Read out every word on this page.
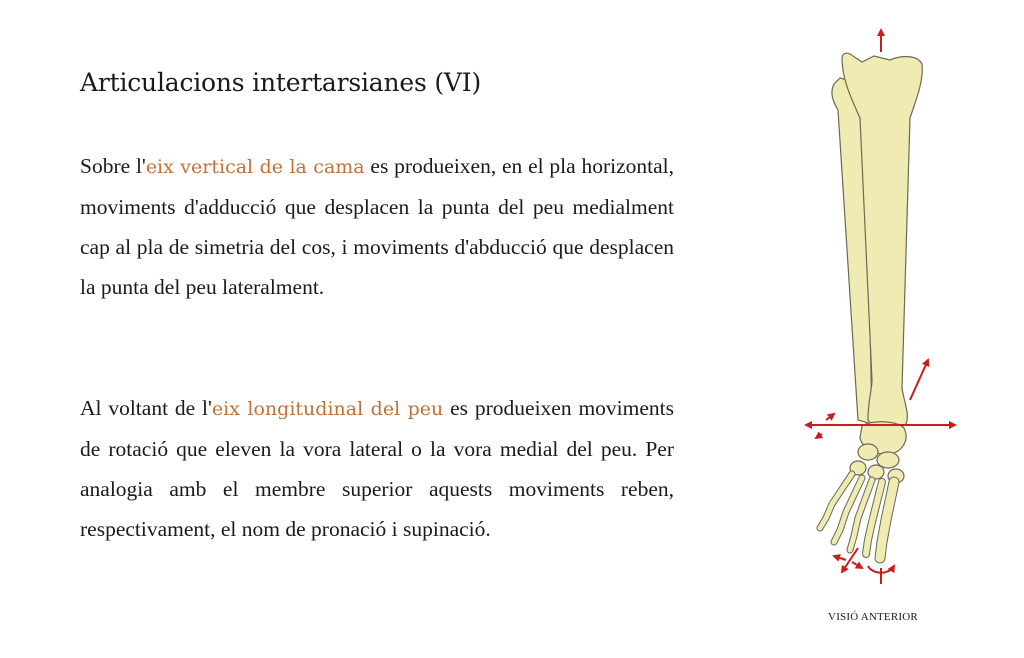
Articulacions intertarsianes (VI)

Sobre l'eix vertical de la cama es produeixen, en el pla horizontal, moviments d'adducció que desplacen la punta del peu medialment cap al pla de simetria del cos, i moviments d'abducció que desplacen la punta del peu lateralment.

Al voltant de l'eix longitudinal del peu es produeixen moviments de rotació que eleven la vora lateral o la vora medial del peu. Per analogia amb el membre superior aquests moviments reben, respectivament, el nom de pronació i supinació.

VISIÓ ANTERIOR
